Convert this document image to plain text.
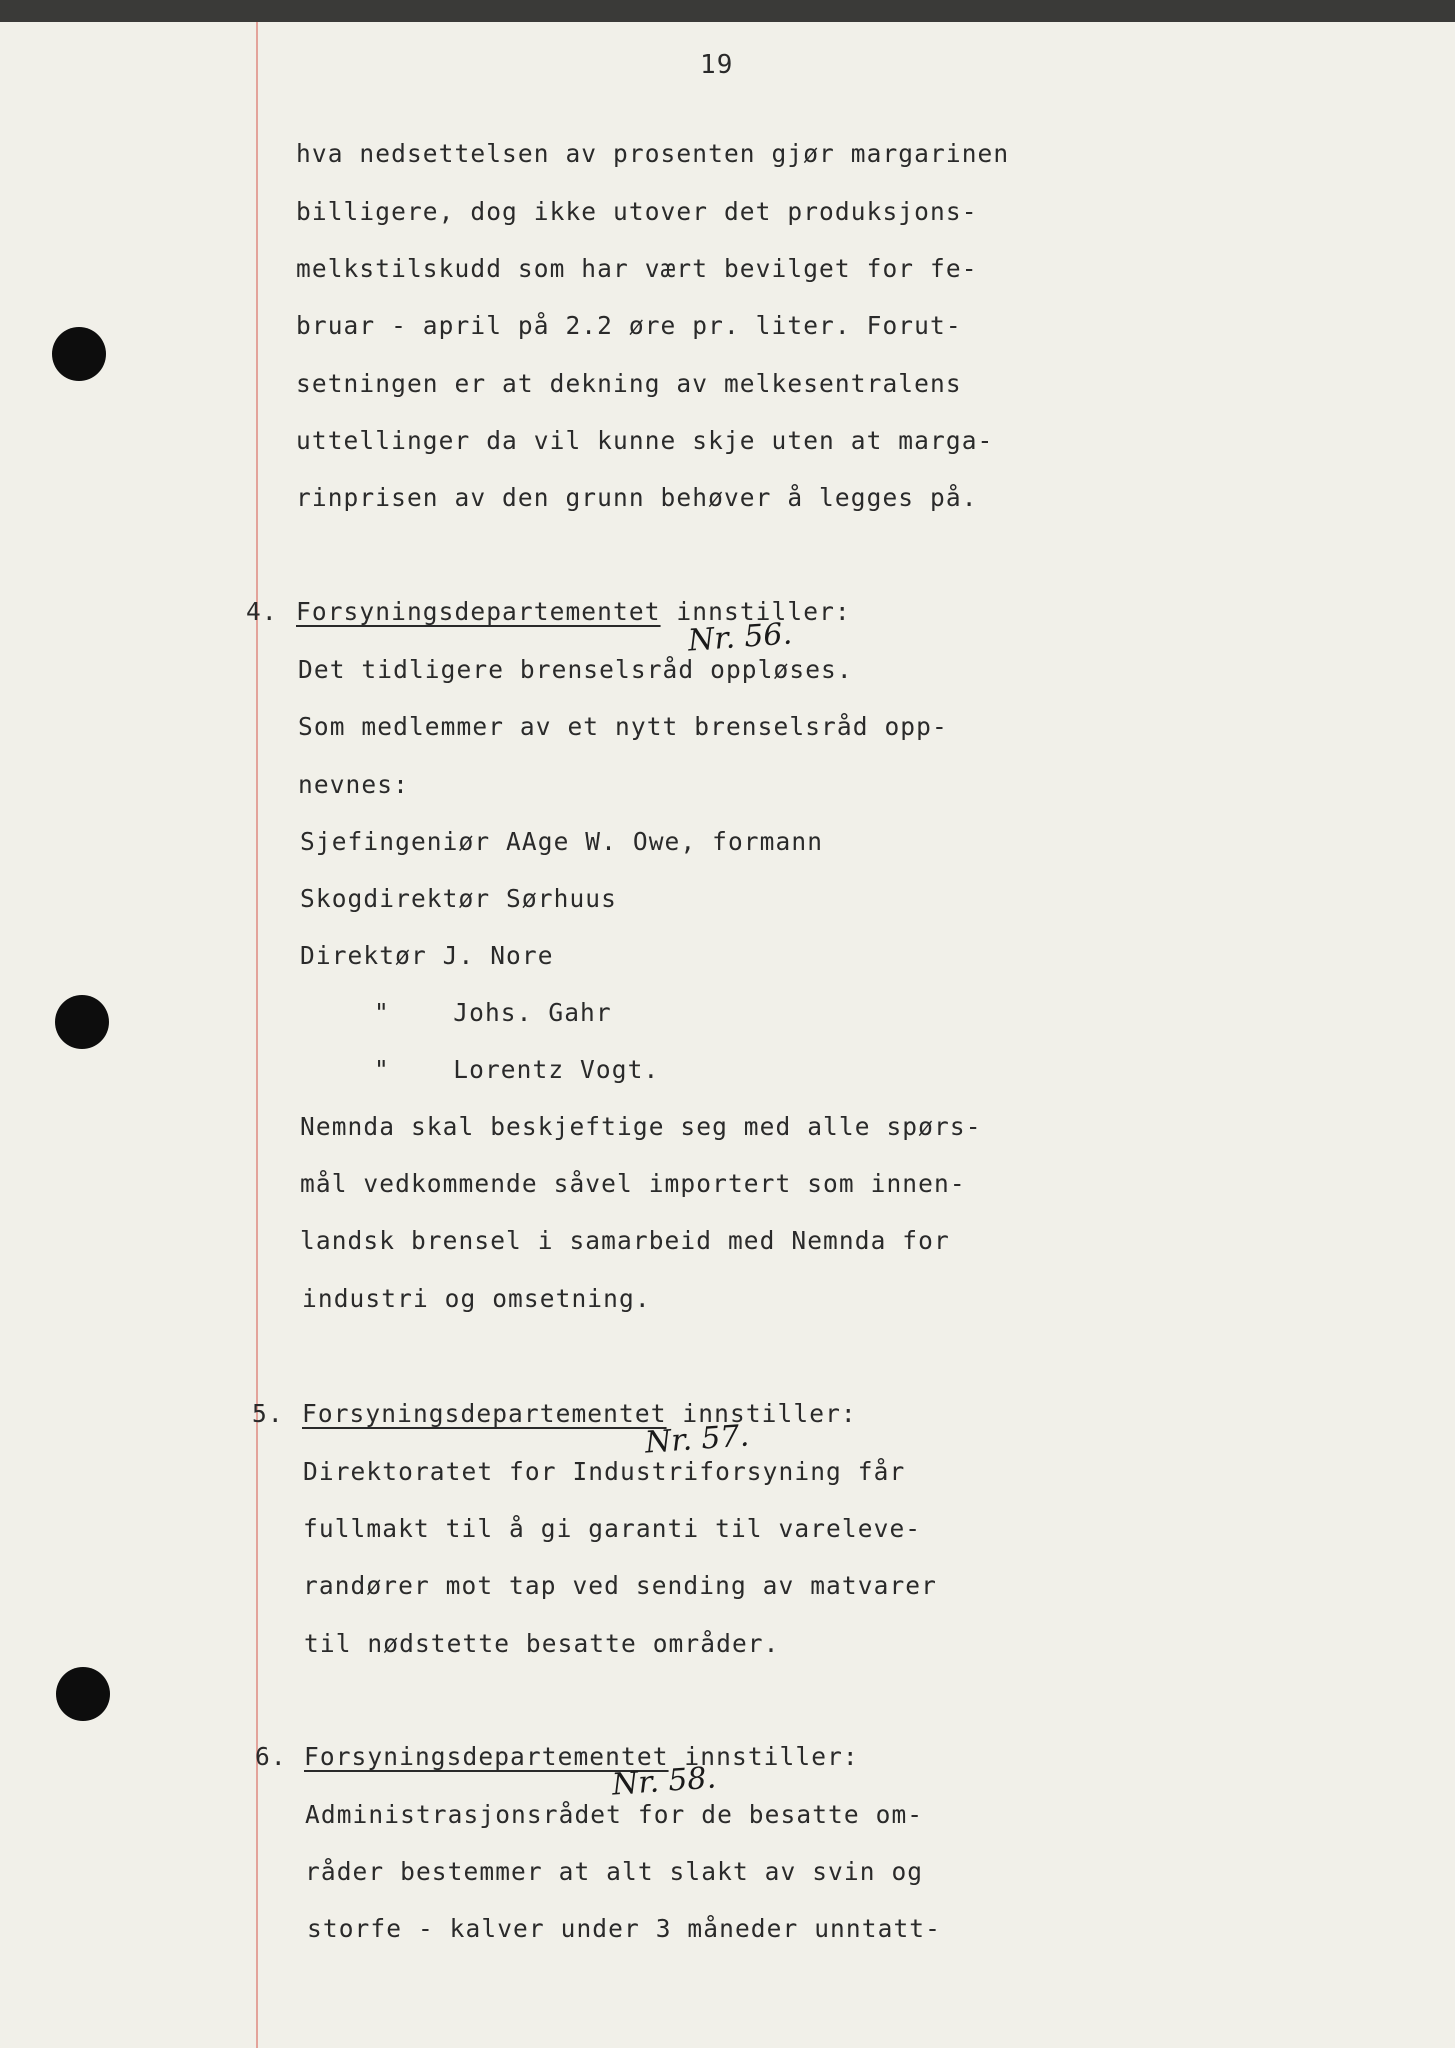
19
hva nedsettelsen av prosenten gjør margarinen
billigere, dog ikke utover det produksjons-
melkstilskudd som har vært bevilget for fe-
bruar - april på 2.2 øre pr. liter. Forut-
setningen er at dekning av melkesentralens
uttellinger da vil kunne skje uten at marga-
rinprisen av den grunn behøver å legges på.
4. Forsyningsdepartementet innstiller:
Nr. 56.
Det tidligere brenselsråd oppløses.
Som medlemmer av et nytt brenselsråd opp-
nevnes:
Sjefingeniør AAge W. Owe, formann
Skogdirektør Sørhuus
Direktør J. Nore
"    Johs. Gahr
"    Lorentz Vogt.
Nemnda skal beskjeftige seg med alle spørs-
mål vedkommende såvel importert som innen-
landsk brensel i samarbeid med Nemnda for
industri og omsetning.
5. Forsyningsdepartementet innstiller:
Nr. 57.
Direktoratet for Industriforsyning får
fullmakt til å gi garanti til vareleve-
randører mot tap ved sending av matvarer
til nødstette besatte områder.
6. Forsyningsdepartementet innstiller:
Nr. 58.
Administrasjonsrådet for de besatte om-
råder bestemmer at alt slakt av svin og
storfe - kalver under 3 måneder unntatt-
